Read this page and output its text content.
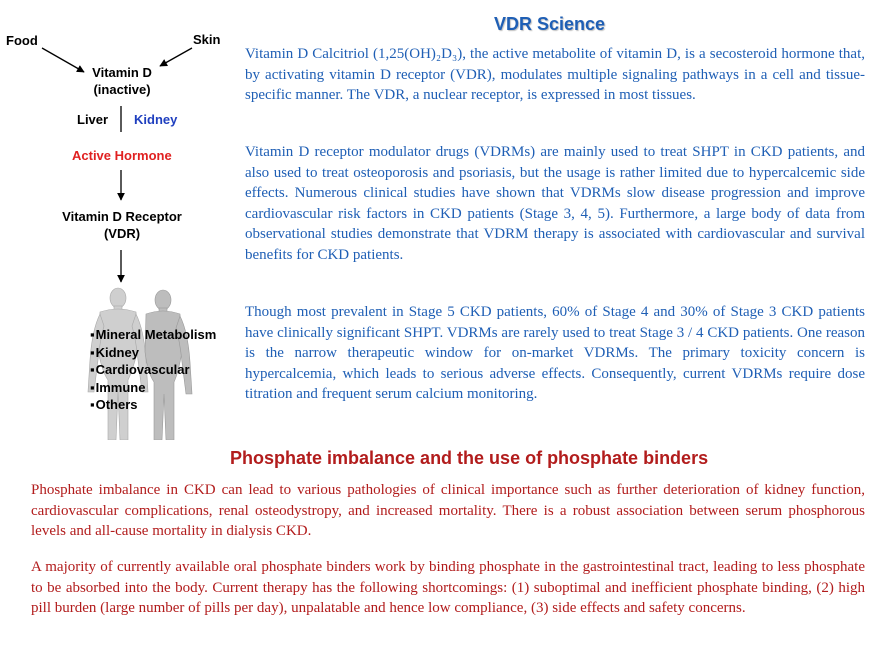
Food	Skin
Vitamin D
(inactive)
Liver Kidney
Active Hormone
Vitamin D Receptor
(VDR)
▪ Mineral Metabolism
▪ Kidney
▪ Cardiovascular
▪ Immune
▪ Others
VDR Science

Vitamin D Calcitriol (1,25(OH)₂D₃), the active metabolite of vitamin D, is a secosteroid hormone that, by activating vitamin D receptor (VDR), modulates multiple signaling pathways in a cell and tissue-specific manner. The VDR, a nuclear receptor, is expressed in most tissues.

Vitamin D receptor modulator drugs (VDRMs) are mainly used to treat SHPT in CKD patients, and also used to treat osteoporosis and psoriasis, but the usage is rather limited due to hypercalcemic side effects. Numerous clinical studies have shown that VDRMs slow disease progression and improve cardiovascular risk factors in CKD patients (Stage 3, 4, 5). Furthermore, a large body of data from observational studies demonstrate that VDRM therapy is associated with cardiovascular and survival benefits for CKD patients.

Though most prevalent in Stage 5 CKD patients, 60% of Stage 4 and 30% of Stage 3 CKD patients have clinically significant SHPT. VDRMs are rarely used to treat Stage 3 / 4 CKD patients. One reason is the narrow therapeutic window for on-market VDRMs. The primary toxicity concern is hypercalcemia, which leads to serious adverse effects. Consequently, current VDRMs require dose titration and frequent serum calcium monitoring.

Phosphate imbalance and the use of phosphate binders

Phosphate imbalance in CKD can lead to various pathologies of clinical importance such as further deterioration of kidney function, cardiovascular complications, renal osteodystropy, and increased mortality. There is a robust association between serum phosphorous levels and all-cause mortality in dialysis CKD.

A majority of currently available oral phosphate binders work by binding phosphate in the gastrointestinal tract, leading to less phosphate to be absorbed into the body. Current therapy has the following shortcomings: (1) suboptimal and inefficient phosphate binding, (2) high pill burden (large number of pills per day), unpalatable and hence low compliance, (3) side effects and safety concerns.
